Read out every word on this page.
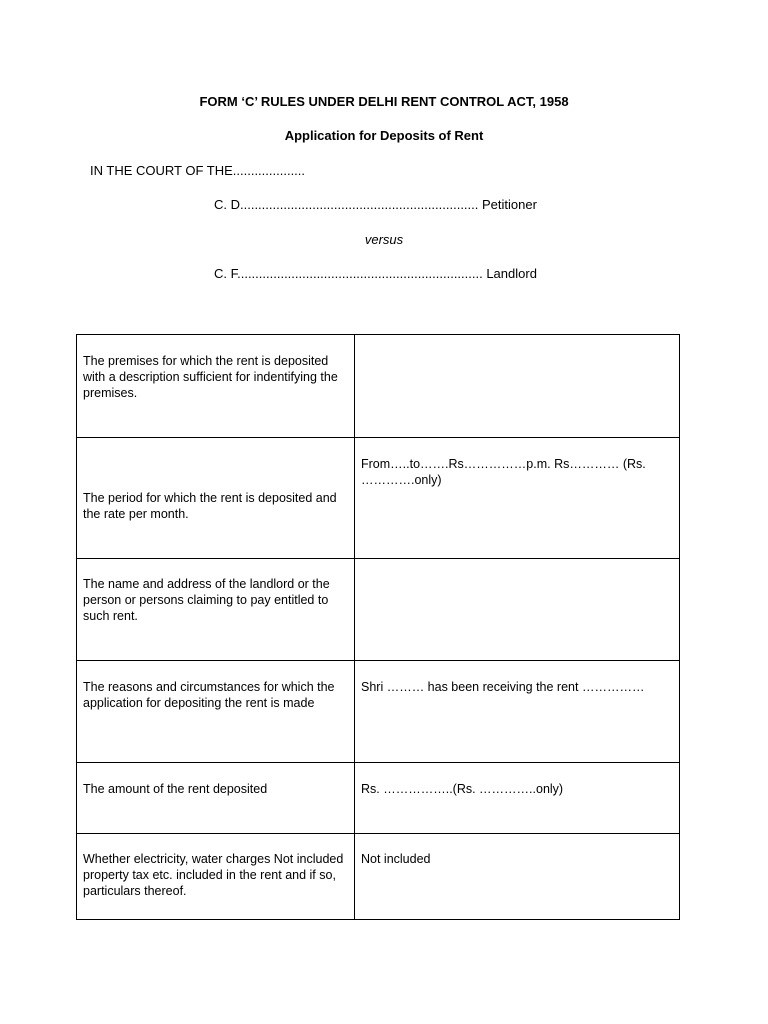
FORM ‘C’ RULES UNDER DELHI RENT CONTROL ACT, 1958
Application for Deposits of Rent
IN THE COURT OF THE....................
C. D.................................................................. Petitioner
versus
C. F.................................................................... Landlord
The premises for which the rent is deposited with a description sufficient for indentifying the premises.	
The period for which the rent is deposited and the rate per month.	From…..to…….Rs……………p.m. Rs………… (Rs. ………….only)
The name and address of the landlord or the person or persons claiming to pay entitled to such rent.	
The reasons and circumstances for which the application for depositing the rent is made	Shri ……… has been receiving the rent ……………
The amount of the rent deposited	Rs. ……………..(Rs. …………..only)
Whether electricity, water charges Not included property tax etc. included in the rent and if so, particulars thereof.	Not included
